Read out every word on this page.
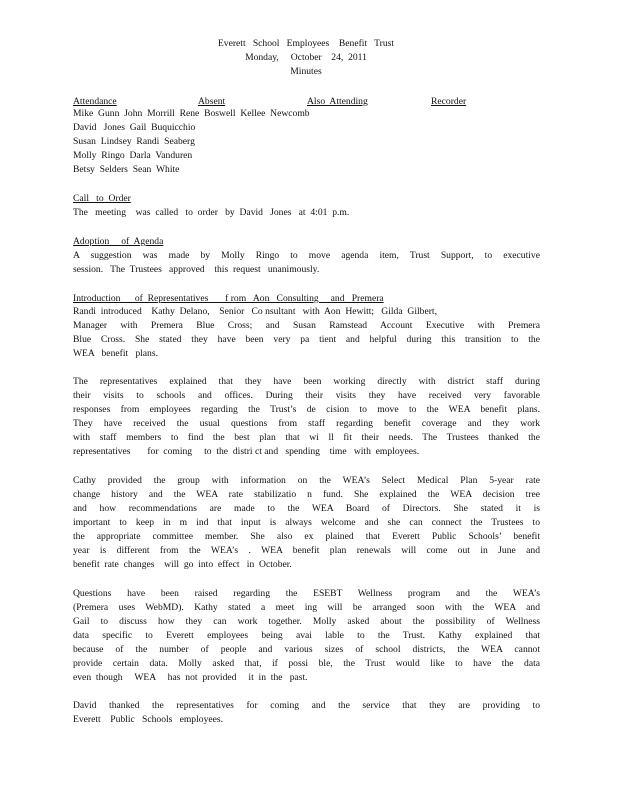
Everett   School   Employees    Benefit   Trust
Monday,     October    24,  2011
Minutes
Attendance	Absent	Also  Attending	Recorder
Mike  Gunn  John  Morrill  Rene  Boswell  Kellee  Newcomb
David   Jones  Gail  Buquicchio
Susan  Lindsey  Randi  Seaberg
Molly  Ringo  Darla  Vanduren
Betsy  Selders  Sean  White
Call   to  Order
The   meeting    was  called   to  order   by  David   Jones   at  4:01  p.m.
Adoption     of  Agenda
A suggestion was made by Molly Ringo to move agenda item, Trust Support, to executive
session.   The  Trustees   approved    this  request   unanimously.
Introduction      of  Representatives       f rom   Aon   Consulting     and   Premera
Randi  introduced    Kathy  Delano,    Senior   Co nsultant   with  Aon  Hewitt;   Gilda  Gilbert,
Manager with Premera Blue Cross; and Susan Ramstead Account Executive with Premera
Blue Cross. She stated they have been very pa tient and helpful during this transition to the
WEA   benefit   plans.
The representatives explained that they have been working directly with district staff during
their visits to schools and offices. During their visits they have received very favorable
responses from employees regarding the Trust’s de cision to move to the WEA benefit plans.
They have received the usual questions from staff regarding benefit coverage and they work
with staff members to find the best plan that wi ll fit their needs. The Trustees thanked the
representatives       for  coming     to  the  distri ct and   spending    time   with  employees.
Cathy provided the group with information on the WEA’s Select Medical Plan 5-year rate
change history and the WEA rate stabilizatio n fund. She explained the WEA decision tree
and how recommendations are made to the WEA Board of Directors. She stated it is
important to keep in m ind that input is always welcome and she can connect the Trustees to
the appropriate committee member. She also ex plained that Everett Public Schools’ benefit
year is different from the WEA’s . WEA benefit plan renewals will come out in June and
benefit  rate  changes    will  go  into  effect   in  October.
Questions have been raised regarding the ESEBT Wellness program and the WEA’s
(Premera uses WebMD). Kathy stated a meet ing will be arranged soon with the WEA and
Gail to discuss how they can work together. Molly asked about the possibility of Wellness
data specific to Everett employees being avai lable to the Trust. Kathy explained that
because of the number of people and various sizes of school districts, the WEA cannot
provide certain data. Molly asked that, if possi ble, the Trust would like to have the data
even  though     WEA     has  not  provided     it  in  the   past.
David thanked the representatives for coming and the service that they are providing to
Everett    Public   Schools   employees.
